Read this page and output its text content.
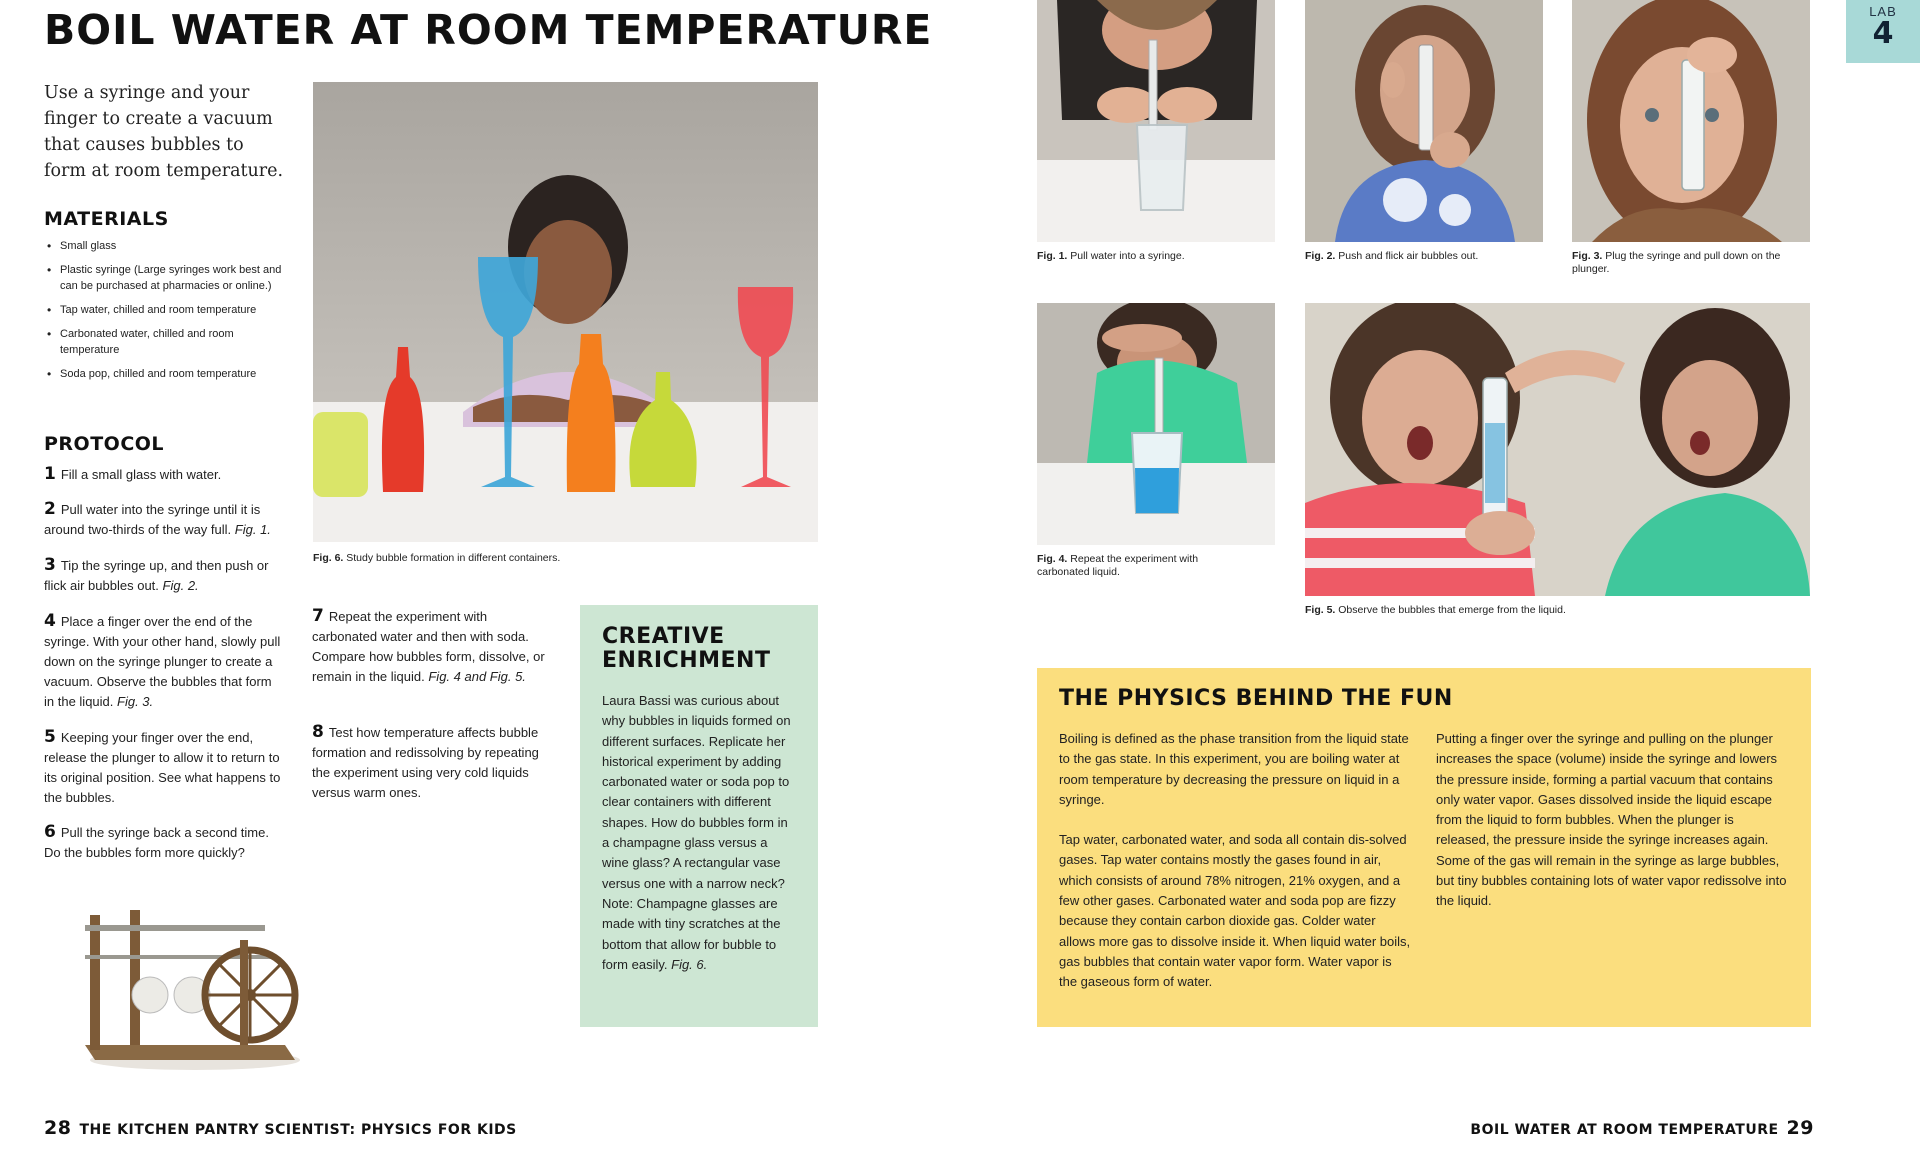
BOIL WATER AT ROOM TEMPERATURE

Use a syringe and your finger to create a vacuum that causes bubbles to form at room temperature.

MATERIALS
• Small glass
• Plastic syringe (Large syringes work best and can be purchased at pharmacies or online.)
• Tap water, chilled and room temperature
• Carbonated water, chilled and room temperature
• Soda pop, chilled and room temperature
PROTOCOL
1 Fill a small glass with water.
2 Pull water into the syringe until it is around two-thirds of the way full. Fig. 1.
3 Tip the syringe up, and then push or flick air bubbles out. Fig. 2.
4 Place a finger over the end of the syringe. With your other hand, slowly pull down on the syringe plunger to create a vacuum. Observe the bubbles that form in the liquid. Fig. 3.
5 Keeping your finger over the end, release the plunger to allow it to return to its original position. See what happens to the bubbles.
6 Pull the syringe back a second time. Do the bubbles form more quickly?
7 Repeat the experiment with carbonated water and then with soda. Compare how bubbles form, dissolve, or remain in the liquid. Fig. 4 and Fig. 5.
8 Test how temperature affects bubble formation and redissolving by repeating the experiment using very cold liquids versus warm ones.
Fig. 6. Study bubble formation in different containers.
CREATIVE ENRICHMENT

Laura Bassi was curious about why bubbles in liquids formed on different surfaces. Replicate her historical experiment by adding carbonated water or soda pop to clear containers with different shapes. How do bubbles form in a champagne glass versus a wine glass? A rectangular vase versus one with a narrow neck? Note: Champagne glasses are made with tiny scratches at the bottom that allow for bubble to form easily. Fig. 6.

28 THE KITCHEN PANTRY SCIENTIST: PHYSICS FOR KIDS
LAB
4
Fig. 1. Pull water into a syringe.	Fig. 2. Push and flick air bubbles out.	Fig. 3. Plug the syringe and pull down on the plunger.
Fig. 4. Repeat the experiment with carbonated liquid.
Fig. 5. Observe the bubbles that emerge from the liquid.
THE PHYSICS BEHIND THE FUN

Boiling is defined as the phase transition from the liquid state to the gas state. In this experiment, you are boiling water at room temperature by decreasing the pressure on liquid in a syringe.

Tap water, carbonated water, and soda all contain dis-solved gases. Tap water contains mostly the gases found in air, which consists of around 78% nitrogen, 21% oxygen, and a few other gases. Carbonated water and soda pop are fizzy because they contain carbon dioxide gas. Colder water allows more gas to dissolve inside it. When liquid water boils, gas bubbles that contain water vapor form. Water vapor is the gaseous form of water.

Putting a finger over the syringe and pulling on the plunger increases the space (volume) inside the syringe and lowers the pressure inside, forming a partial vacuum that contains only water vapor. Gases dissolved inside the liquid escape from the liquid to form bubbles. When the plunger is released, the pressure inside the syringe increases again. Some of the gas will remain in the syringe as large bubbles, but tiny bubbles containing lots of water vapor redissolve into the liquid.

BOIL WATER AT ROOM TEMPERATURE 29
